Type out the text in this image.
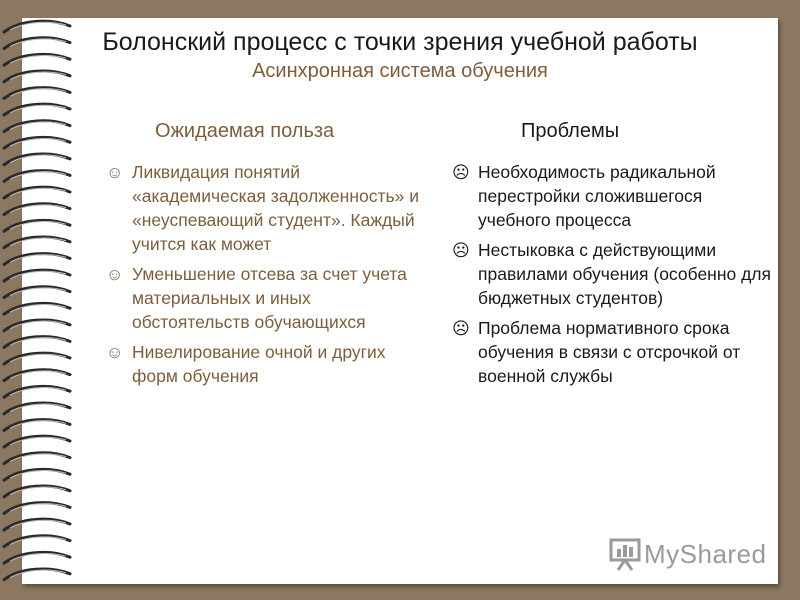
Болонский процесс с точки зрения учебной работы
Асинхронная система обучения
Ожидаемая польза	Проблемы
☺ Ликвидация понятий «академическая задолженность» и «неуспевающий студент». Каждый учится как может
☺ Уменьшение отсева за счет учета материальных и иных обстоятельств обучающихся
☺ Нивелирование очной и других форм обучения
☹ Необходимость радикальной перестройки сложившегося учебного процесса
☹ Нестыковка с действующими правилами обучения (особенно для бюджетных студентов)
☹ Проблема нормативного срока обучения в связи с отсрочкой от военной службы
MyShared
